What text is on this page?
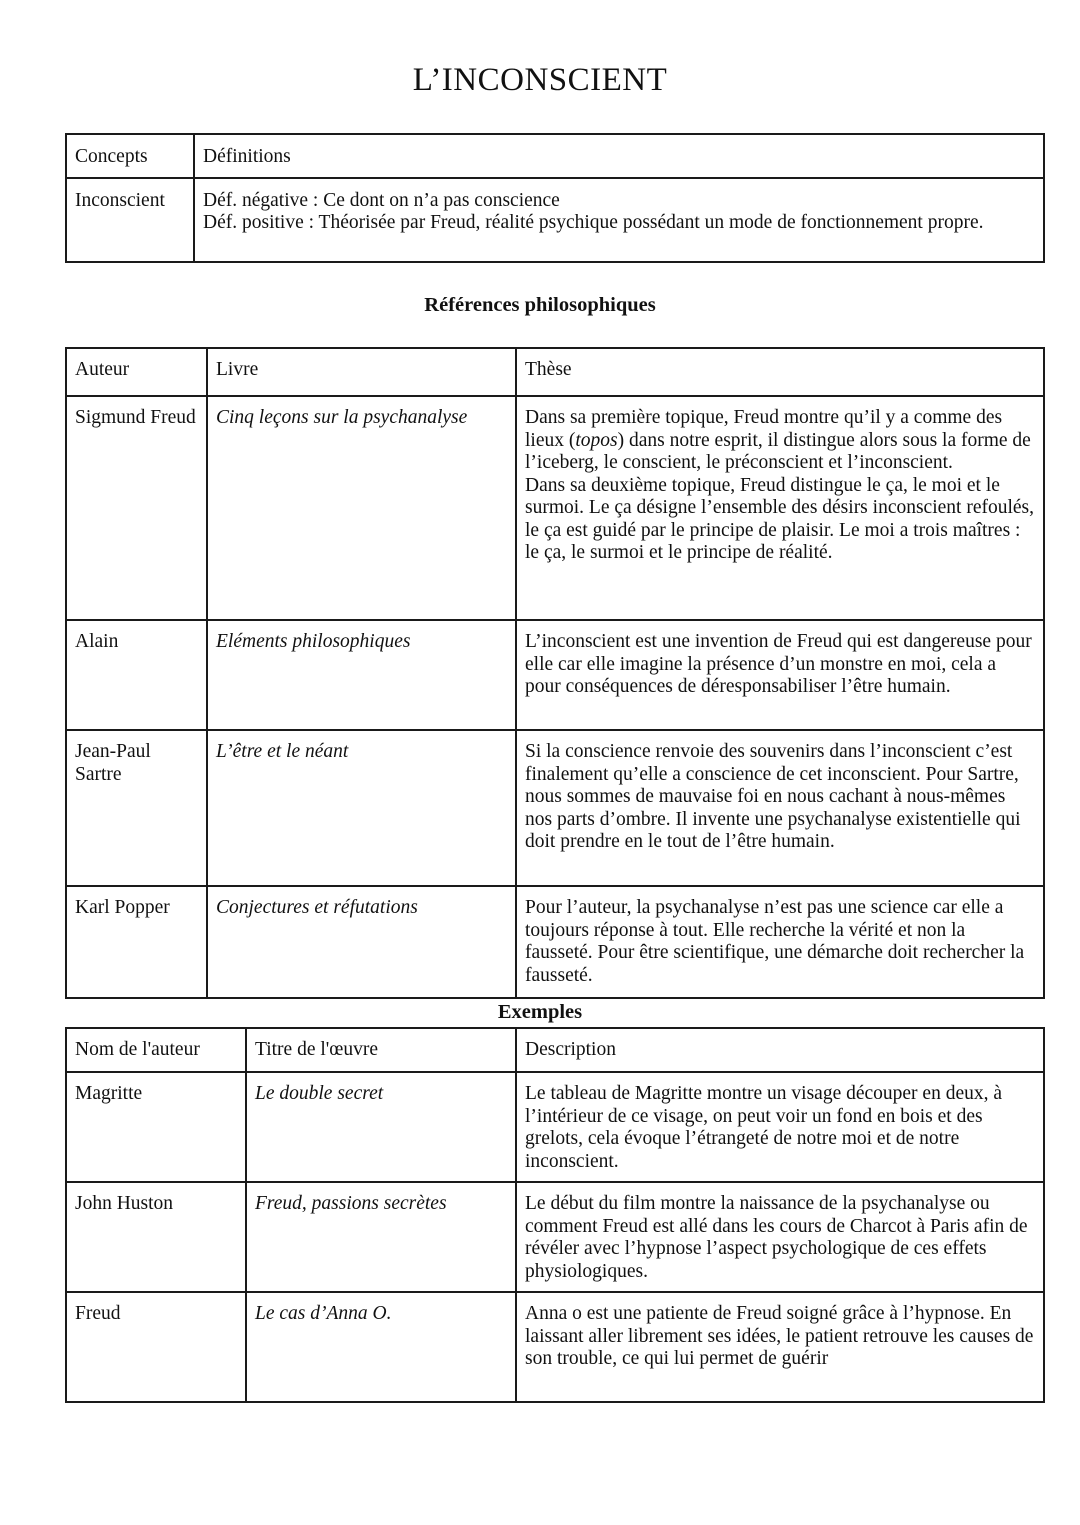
L’INCONSCIENT
Concepts	Définitions
Inconscient	Déf. négative : Ce dont on n’a pas conscience
Déf. positive : Théorisée par Freud, réalité psychique possédant un mode de fonctionnement propre.
Références philosophiques
Auteur	Livre	Thèse
Sigmund Freud	Cinq leçons sur la psychanalyse	Dans sa première topique, Freud montre qu’il y a comme des lieux (topos) dans notre esprit, il distingue alors sous la forme de l’iceberg, le conscient, le préconscient et l’inconscient.
Dans sa deuxième topique, Freud distingue le ça, le moi et le surmoi. Le ça désigne l’ensemble des désirs inconscient refoulés, le ça est guidé par le principe de plaisir. Le moi a trois maîtres : le ça, le surmoi et le principe de réalité.

Alain	Eléments philosophiques	L’inconscient est une invention de Freud qui est dangereuse pour elle car elle imagine la présence d’un monstre en moi, cela a pour conséquences de déresponsabiliser l’être humain.
Jean-Paul Sartre	L’être et le néant	Si la conscience renvoie des souvenirs dans l’inconscient c’est finalement qu’elle a conscience de cet inconscient. Pour Sartre, nous sommes de mauvaise foi en nous cachant à nous-mêmes nos parts d’ombre. Il invente une psychanalyse existentielle qui doit prendre en le tout de l’être humain.
Karl Popper	Conjectures et réfutations	Pour l’auteur, la psychanalyse n’est pas une science car elle a toujours réponse à tout. Elle recherche la vérité et non la fausseté. Pour être scientifique, une démarche doit rechercher la fausseté.
Exemples
Nom de l'auteur	Titre de l'œuvre	Description
Magritte	Le double secret	Le tableau de Magritte montre un visage découper en deux, à l’intérieur de ce visage, on peut voir un fond en bois et des grelots, cela évoque l’étrangeté de notre moi et de notre inconscient.
John Huston	Freud, passions secrètes	Le début du film montre la naissance de la psychanalyse ou comment Freud est allé dans les cours de Charcot à Paris afin de révéler avec l’hypnose l’aspect psychologique de ces effets physiologiques.
Freud	Le cas d’Anna O.	Anna o est une patiente de Freud soigné grâce à l’hypnose. En laissant aller librement ses idées, le patient retrouve les causes de son trouble, ce qui lui permet de guérir
